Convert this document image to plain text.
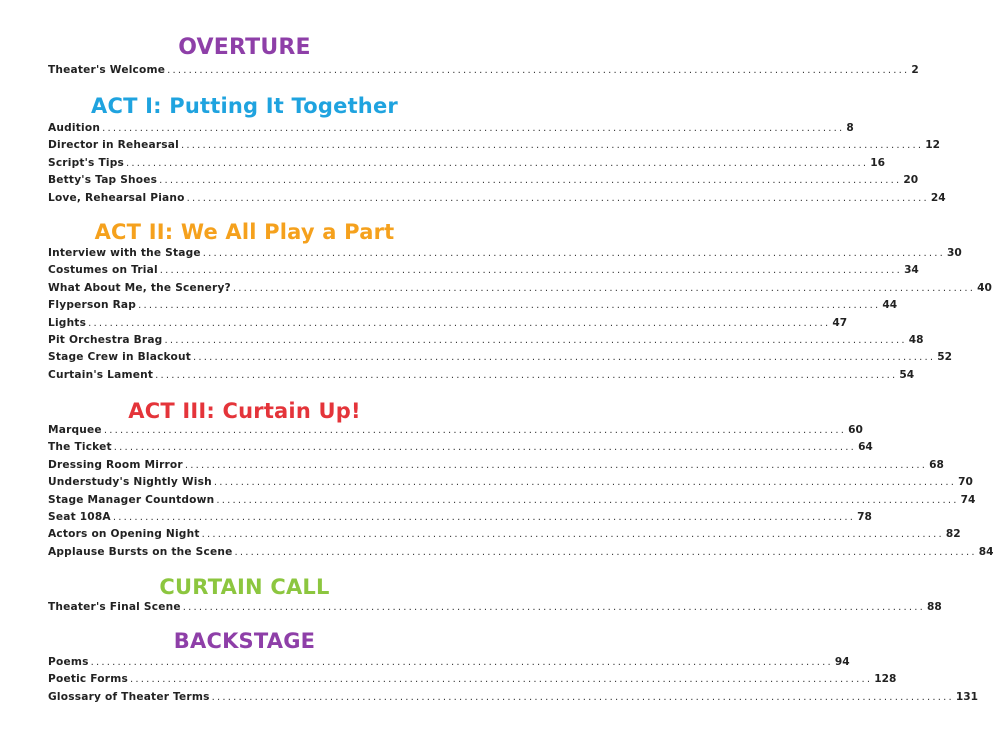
OVERTURE
Theater's Welcome .......................................................................................................................................... 2
ACT I: Putting It Together
Audition .......................................................................................................................................... 8
Director in Rehearsal .......................................................................................................................................... 12
Script's Tips .......................................................................................................................................... 16
Betty's Tap Shoes .......................................................................................................................................... 20
Love, Rehearsal Piano .......................................................................................................................................... 24
ACT II: We All Play a Part
Interview with the Stage .......................................................................................................................................... 30
Costumes on Trial .......................................................................................................................................... 34
What About Me, the Scenery? .......................................................................................................................................... 40
Flyperson Rap .......................................................................................................................................... 44
Lights .......................................................................................................................................... 47
Pit Orchestra Brag .......................................................................................................................................... 48
Stage Crew in Blackout .......................................................................................................................................... 52
Curtain's Lament .......................................................................................................................................... 54
ACT III: Curtain Up!
Marquee .......................................................................................................................................... 60
The Ticket .......................................................................................................................................... 64
Dressing Room Mirror .......................................................................................................................................... 68
Understudy's Nightly Wish .......................................................................................................................................... 70
Stage Manager Countdown .......................................................................................................................................... 74
Seat 108A .......................................................................................................................................... 78
Actors on Opening Night .......................................................................................................................................... 82
Applause Bursts on the Scene .......................................................................................................................................... 84
CURTAIN CALL
Theater's Final Scene .......................................................................................................................................... 88
BACKSTAGE
Poems .......................................................................................................................................... 94
Poetic Forms .......................................................................................................................................... 128
Glossary of Theater Terms .......................................................................................................................................... 131
